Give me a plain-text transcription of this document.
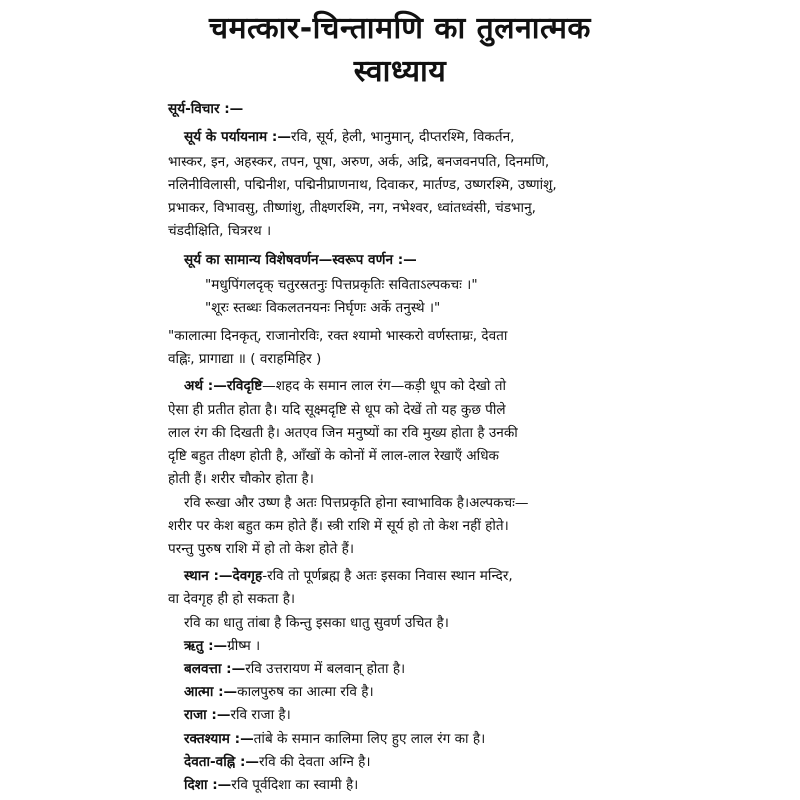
चमत्कार-चिन्तामणि का तुलनात्मक
स्वाध्याय
सूर्य-विचार :—
सूर्य के पर्यायनाम :—रवि, सूर्य, हेली, भानुमान्, दीप्तरश्मि, विकर्तन,
भास्कर, इन, अहस्कर, तपन, पूषा, अरुण, अर्क, अद्रि, बनजवनपति, दिनमणि,
नलिनीविलासी, पद्मिनीश, पद्मिनीप्राणनाथ, दिवाकर, मार्तण्ड, उष्णरश्मि, उष्णांशु,
प्रभाकर, विभावसु, तीष्णांशु, तीक्ष्णरश्मि, नग, नभेश्वर, ध्वांतध्वंसी, चंडभानु,
चंडदीक्षिति, चित्ररथ ।
सूर्य का सामान्य विशेषवर्णन—स्वरूप वर्णन :—
"मधुपिंगलदृक् चतुरस्रतनुः पित्तप्रकृतिः सविताऽल्पकचः ।"
"शूरः स्तब्धः विकलतनयनः निर्घृणः अर्के तनुस्थे ।"
"कालात्मा दिनकृत्, राजानोरविः, रक्त श्यामो भास्करो वर्णस्ताम्रः, देवता
वह्निः, प्रागाद्या ॥ ( वराहमिहिर )
अर्थ :—रविदृष्टि—शहद के समान लाल रंग—कड़ी धूप को देखो तो
ऐसा ही प्रतीत होता है। यदि सूक्ष्मदृष्टि से धूप को देखें तो यह कुछ पीले
लाल रंग की दिखती है। अतएव जिन मनुष्यों का रवि मुख्य होता है उनकी
दृष्टि बहुत तीक्ष्ण होती है, आँखों के कोनों में लाल-लाल रेखाएँ अधिक
होती हैं। शरीर चौकोर होता है।
रवि रूखा और उष्ण है अतः पित्तप्रकृति होना स्वाभाविक है।अल्पकचः—
शरीर पर केश बहुत कम होते हैं। स्त्री राशि में सूर्य हो तो केश नहीं होते।
परन्तु पुरुष राशि में हो तो केश होते हैं।
स्थान :—देवगृह-रवि तो पूर्णब्रह्म है अतः इसका निवास स्थान मन्दिर,
वा देवगृह ही हो सकता है।
रवि का धातु तांबा है किन्तु इसका धातु सुवर्ण उचित है।
ऋतु :—ग्रीष्म ।
बलवत्ता :—रवि उत्तरायण में बलवान् होता है।
आत्मा :—कालपुरुष का आत्मा रवि है।
राजा :—रवि राजा है।
रक्तश्याम :—तांबे के समान कालिमा लिए हुए लाल रंग का है।
देवता-वह्नि :—रवि की देवता अग्नि है।
दिशा :—रवि पूर्वदिशा का स्वामी है।
